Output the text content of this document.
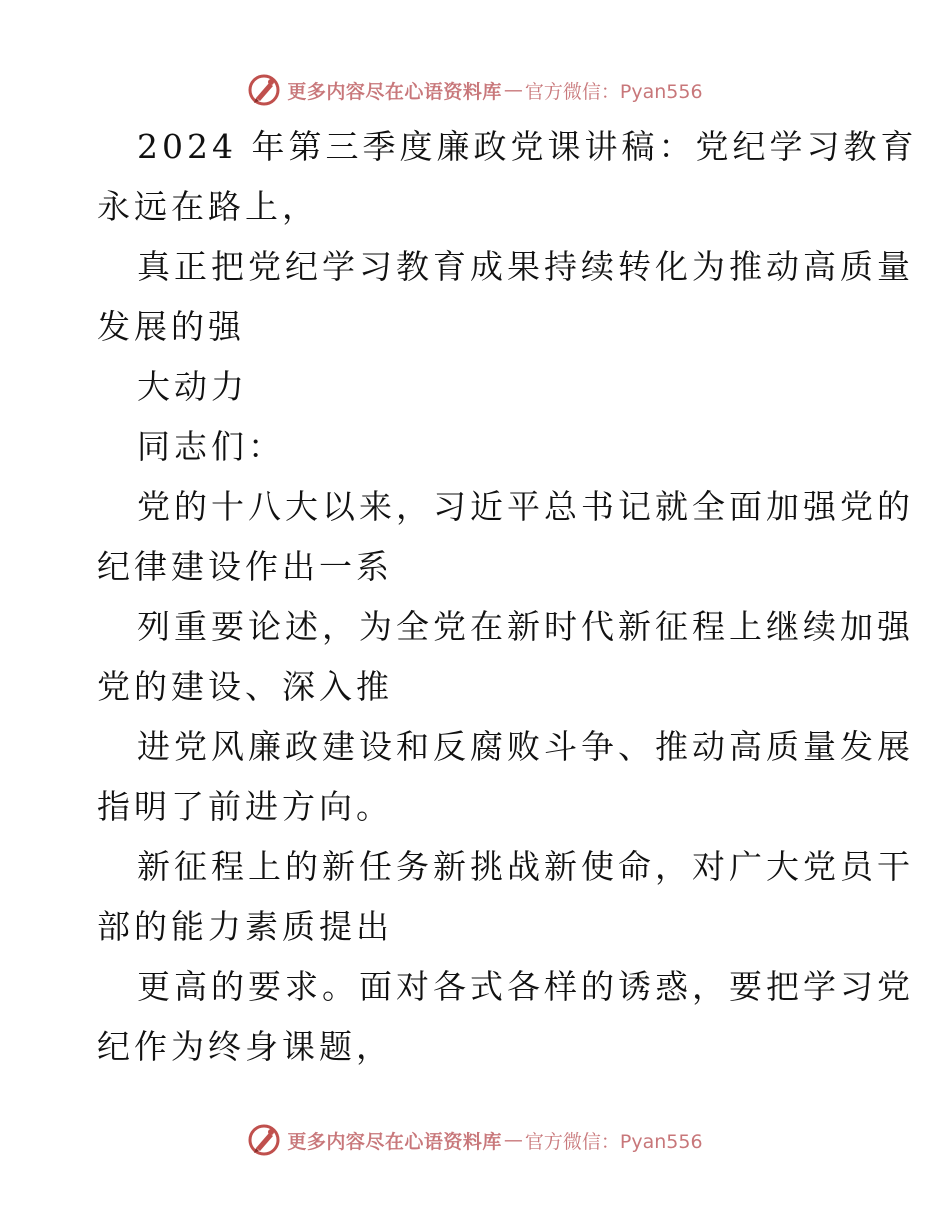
更多内容尽在心语资料库 — 官方微信：Pyan556
2024 年第三季度廉政党课讲稿：党纪学习教育
永远在路上，
真正把党纪学习教育成果持续转化为推动高质量
发展的强
大动力
同志们：
党的十八大以来，习近平总书记就全面加强党的
纪律建设作出一系
列重要论述，为全党在新时代新征程上继续加强
党的建设、深入推
进党风廉政建设和反腐败斗争、推动高质量发展
指明了前进方向。
新征程上的新任务新挑战新使命，对广大党员干
部的能力素质提出
更高的要求。面对各式各样的诱惑，要把学习党
纪作为终身课题，
更多内容尽在心语资料库 — 官方微信：Pyan556
